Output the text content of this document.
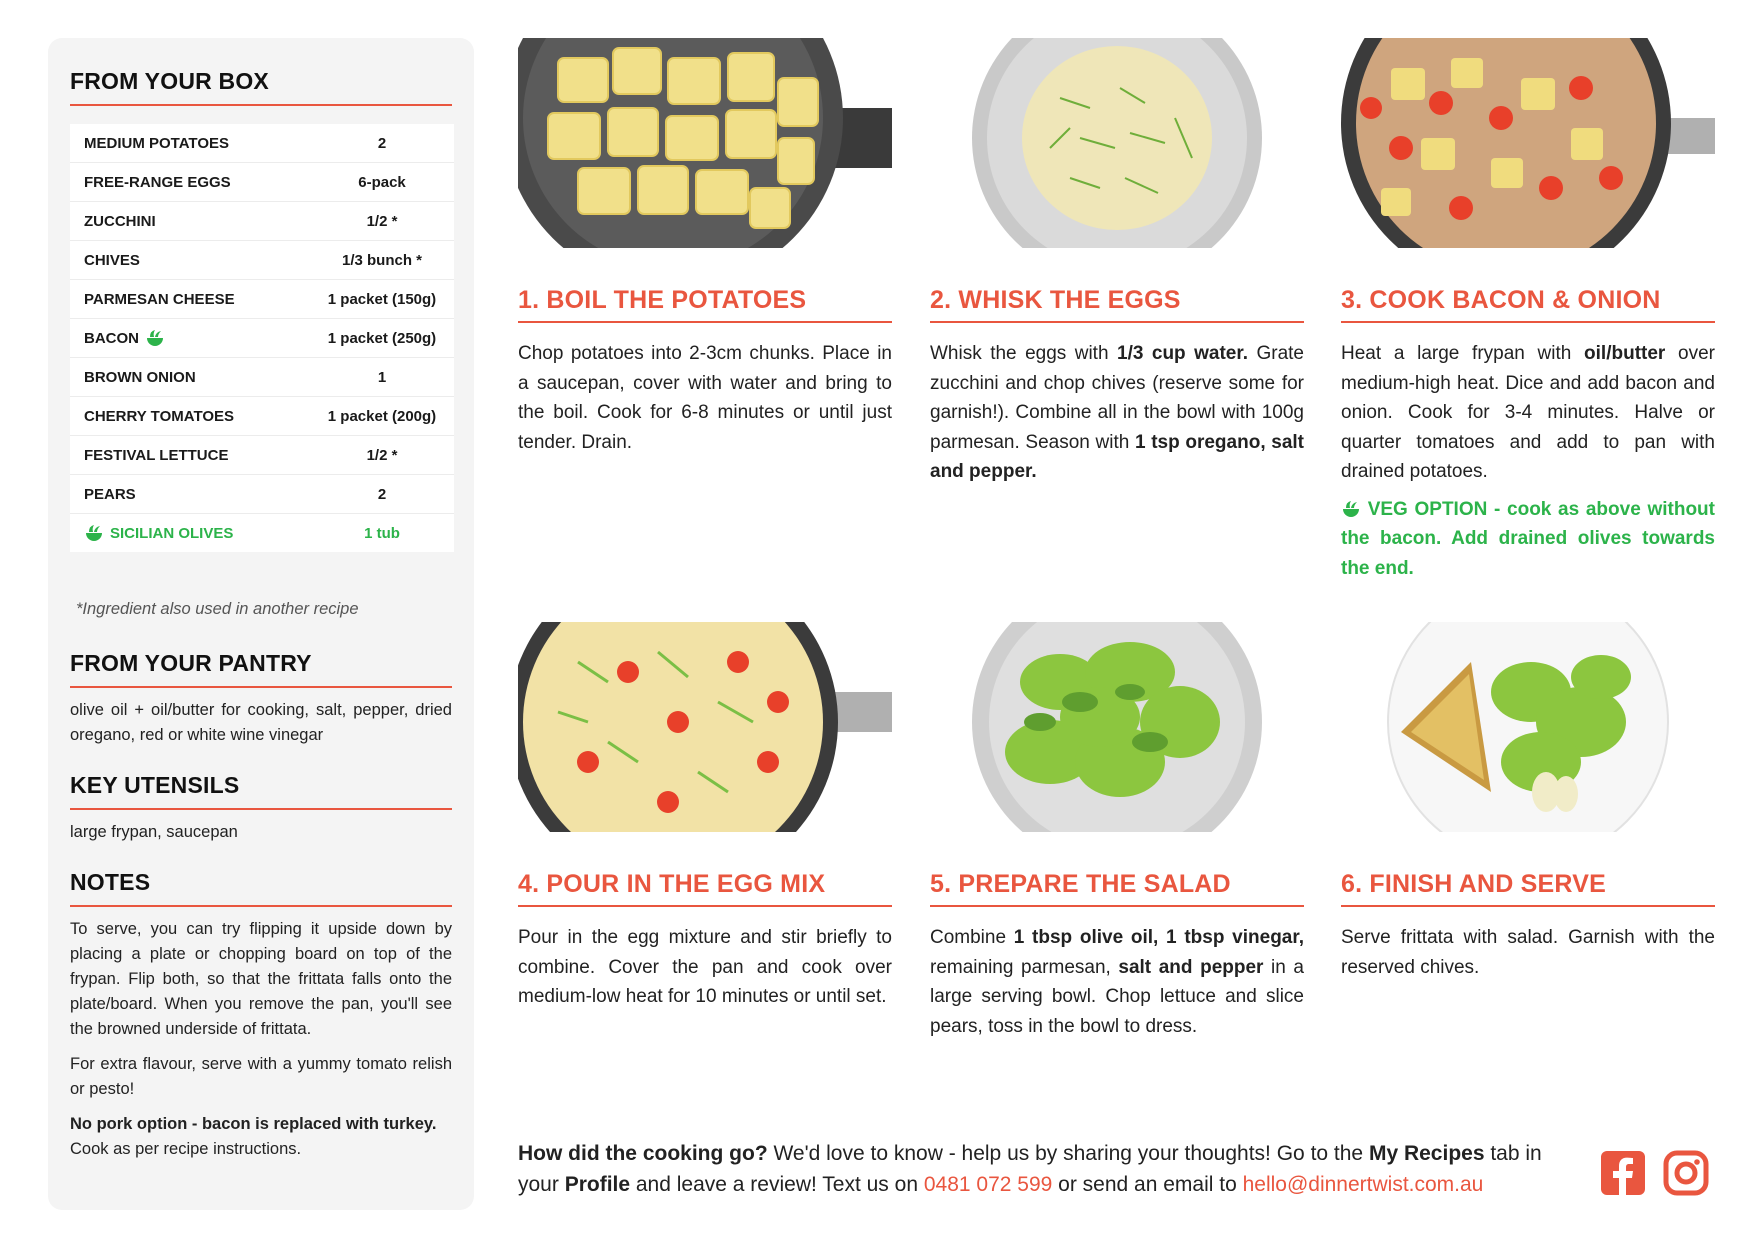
FROM YOUR BOX
MEDIUM POTATOES	2
FREE-RANGE EGGS	6-pack
ZUCCHINI	1/2 *
CHIVES	1/3 bunch *
PARMESAN CHEESE	1 packet (150g)
BACON	1 packet (250g)
BROWN ONION	1
CHERRY TOMATOES	1 packet (200g)
FESTIVAL LETTUCE	1/2 *
PEARS	2
SICILIAN OLIVES	1 tub
*Ingredient also used in another recipe
FROM YOUR PANTRY
olive oil + oil/butter for cooking, salt, pepper, dried oregano, red or white wine vinegar
KEY UTENSILS
large frypan, saucepan
NOTES

To serve, you can try flipping it upside down by placing a plate or chopping board on top of the frypan. Flip both, so that the frittata falls onto the plate/board. When you remove the pan, you'll see the browned underside of frittata.

For extra flavour, serve with a yummy tomato relish or pesto!

No pork option - bacon is replaced with turkey. Cook as per recipe instructions.

1. BOIL THE POTATOES
Chop potatoes into 2-3cm chunks. Place in a saucepan, cover with water and bring to the boil. Cook for 6-8 minutes or until just tender. Drain.
2. WHISK THE EGGS
Whisk the eggs with 1/3 cup water. Grate zucchini and chop chives (reserve some for garnish!). Combine all in the bowl with 100g parmesan. Season with 1 tsp oregano, salt and pepper.
3. COOK BACON & ONION
Heat a large frypan with oil/butter over medium-high heat. Dice and add bacon and onion. Cook for 3-4 minutes. Halve or quarter tomatoes and add to pan with drained potatoes.
VEG OPTION - cook as above without the bacon. Add drained olives towards the end.
4. POUR IN THE EGG MIX
Pour in the egg mixture and stir briefly to combine. Cover the pan and cook over medium-low heat for 10 minutes or until set.
5. PREPARE THE SALAD
Combine 1 tbsp olive oil, 1 tbsp vinegar, remaining parmesan, salt and pepper in a large serving bowl. Chop lettuce and slice pears, toss in the bowl to dress.
6. FINISH AND SERVE
Serve frittata with salad. Garnish with the reserved chives.
How did the cooking go? We'd love to know - help us by sharing your thoughts! Go to the My Recipes tab in your Profile and leave a review! Text us on 0481 072 599 or send an email to hello@dinnertwist.com.au
